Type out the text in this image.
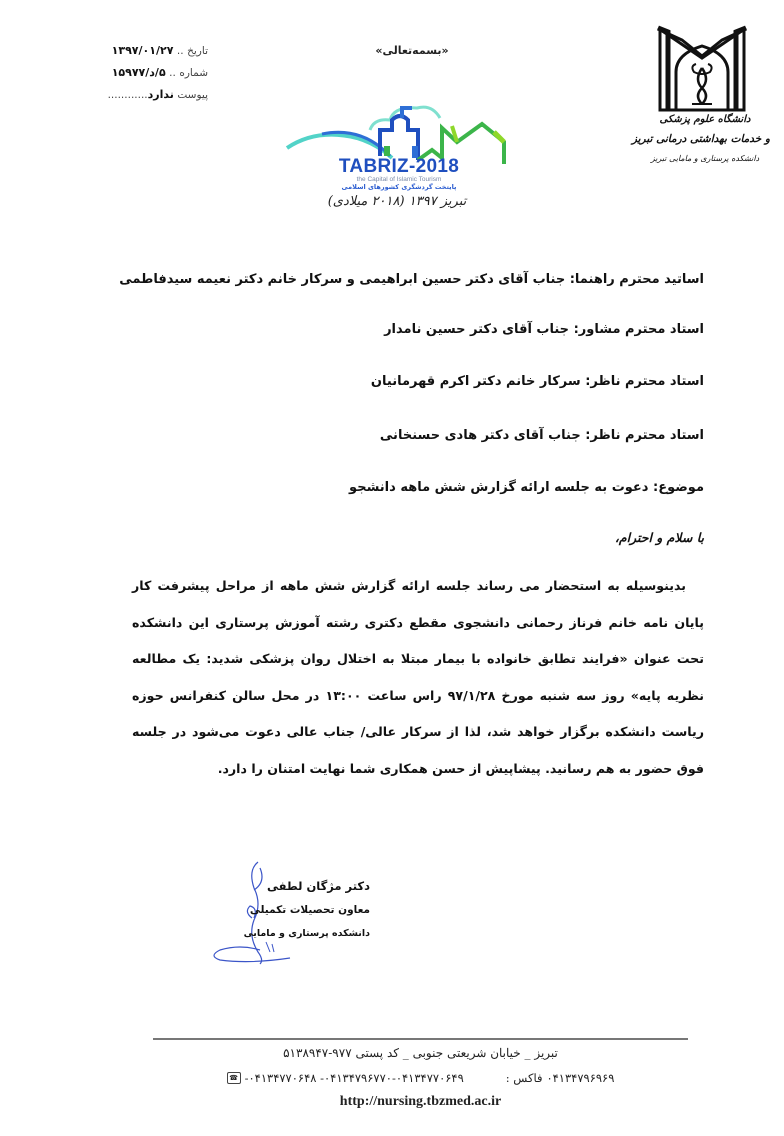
تاریخ .. ۱۳۹۷/۰۱/۲۷
شماره .. ۵/د/۱۵۹۷۷
پیوست ندارد............
«بسمه‌تعالی»
TABRIZ-2018
the Capital of Islamic Tourism
پایتخت گردشگری کشورهای اسلامی
تبریز ۱۳۹۷ (۲۰۱۸ میلادی)
دانشگاه علوم پزشکی
و خدمات بهداشتی درمانی تبریز
دانشکده پرستاری و مامایی تبریز
اساتید محترم راهنما: جناب آقای دکتر حسین ابراهیمی و سرکار خانم دکتر نعیمه سیدفاطمی
استاد محترم مشاور: جناب آقای دکتر حسین نامدار
استاد محترم ناظر: سرکار خانم دکتر اکرم قهرمانیان
استاد محترم ناظر: جناب آقای دکتر هادی حسنخانی
موضوع: دعوت به جلسه ارائه گزارش شش ماهه دانشجو
با سلام و احترام،
بدینوسیله به استحضار می رساند جلسه ارائه گزارش شش ماهه از مراحل پیشرفت کار پایان نامه خانم فرناز رحمانی دانشجوی مقطع دکتری رشته آموزش پرستاری این دانشکده تحت عنوان «فرایند تطابق خانواده با بیمار مبتلا به اختلال روان پزشکی شدید: یک مطالعه نظریه پایه» روز سه شنبه مورخ ۹۷/۱/۲۸ راس ساعت ۱۳:۰۰ در محل سالن کنفرانس حوزه ریاست دانشکده برگزار خواهد شد، لذا از سرکار عالی/ جناب عالی دعوت می‌شود در جلسه فوق حضور به هم رسانید. پیشاپیش از حسن همکاری شما نهایت امتنان را دارد.
دکتر مژگان لطفی
معاون تحصیلات تکمیلی
دانشکده پرستاری و مامایی
تبریز _ خیابان شریعتی جنوبی _ کد پستی ۹۷۷-۵۱۳۸۹۴۷
۰۴۱۳۴۷۹۶۹۶۹
فاکس :
۰۴۱۳۴۷۹۶۷۷۰-۰۴۱۳۴۷۷۰۶۴۹- ۰۴۱۳۴۷۷۰۶۴۸-
☎
http://nursing.tbzmed.ac.ir
